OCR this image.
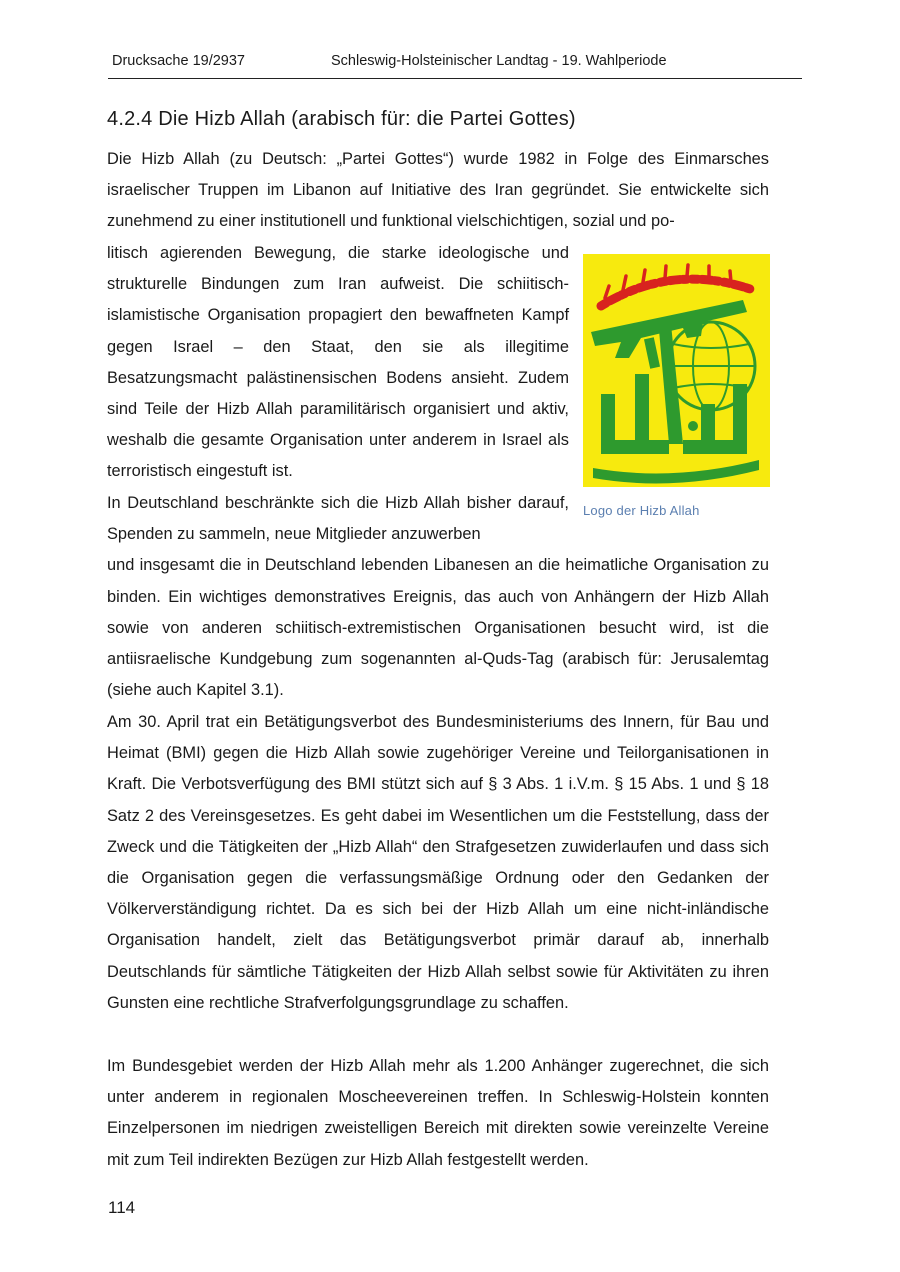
Drucksache 19/2937	Schleswig-Holsteinischer Landtag - 19. Wahlperiode
4.2.4 Die Hizb Allah (arabisch für: die Partei Gottes)

Die Hizb Allah (zu Deutsch: „Partei Gottes“) wurde 1982 in Folge des Einmarsches israelischer Truppen im Libanon auf Initiative des Iran gegründet. Sie entwickelte sich zunehmend zu einer institutionell und funktional vielschichtigen, sozial und po-

litisch agierenden Bewegung, die starke ideologische und strukturelle Bindungen zum Iran aufweist. Die schiitisch-islamistische Organisation propagiert den bewaffneten Kampf gegen Israel – den Staat, den sie als illegitime Besatzungsmacht palästinensischen Bodens ansieht. Zudem sind Teile der Hizb Allah paramilitärisch organisiert und aktiv, weshalb die gesamte Organisation unter anderem in Israel als terroristisch eingestuft ist.

In Deutschland beschränkte sich die Hizb Allah bisher darauf, Spenden zu sammeln, neue Mitglieder anzuwerben
und insgesamt die in Deutschland lebenden Libanesen an die heimatliche Organisation zu binden. Ein wichtiges demonstratives Ereignis, das auch von Anhängern der Hizb Allah sowie von anderen schiitisch-extremistischen Organisationen besucht wird, ist die antiisraelische Kundgebung zum sogenannten al-Quds-Tag (arabisch für: Jerusalemtag (siehe auch Kapitel 3.1).

Am 30. April trat ein Betätigungsverbot des Bundesministeriums des Innern, für Bau und Heimat (BMI) gegen die Hizb Allah sowie zugehöriger Vereine und Teilorganisationen in Kraft. Die Verbotsverfügung des BMI stützt sich auf § 3 Abs. 1 i.V.m. § 15 Abs. 1 und § 18 Satz 2 des Vereinsgesetzes. Es geht dabei im Wesentlichen um die Feststellung, dass der Zweck und die Tätigkeiten der „Hizb Allah“ den Strafgesetzen zuwiderlaufen und dass sich die Organisation gegen die verfassungsmäßige Ordnung oder den Gedanken der Völkerverständigung richtet. Da es sich bei der Hizb Allah um eine nicht-inländische Organisation handelt, zielt das Betätigungsverbot primär darauf ab, innerhalb Deutschlands für sämtliche Tätigkeiten der Hizb Allah selbst sowie für Aktivitäten zu ihren Gunsten eine rechtliche Strafverfolgungsgrundlage zu schaffen.

Im Bundesgebiet werden der Hizb Allah mehr als 1.200 Anhänger zugerechnet, die sich unter anderem in regionalen Moscheevereinen treffen. In Schleswig-Holstein konnten Einzelpersonen im niedrigen zweistelligen Bereich mit direkten sowie vereinzelte Vereine mit zum Teil indirekten Bezügen zur Hizb Allah festgestellt werden.

Logo der Hizb Allah
114
